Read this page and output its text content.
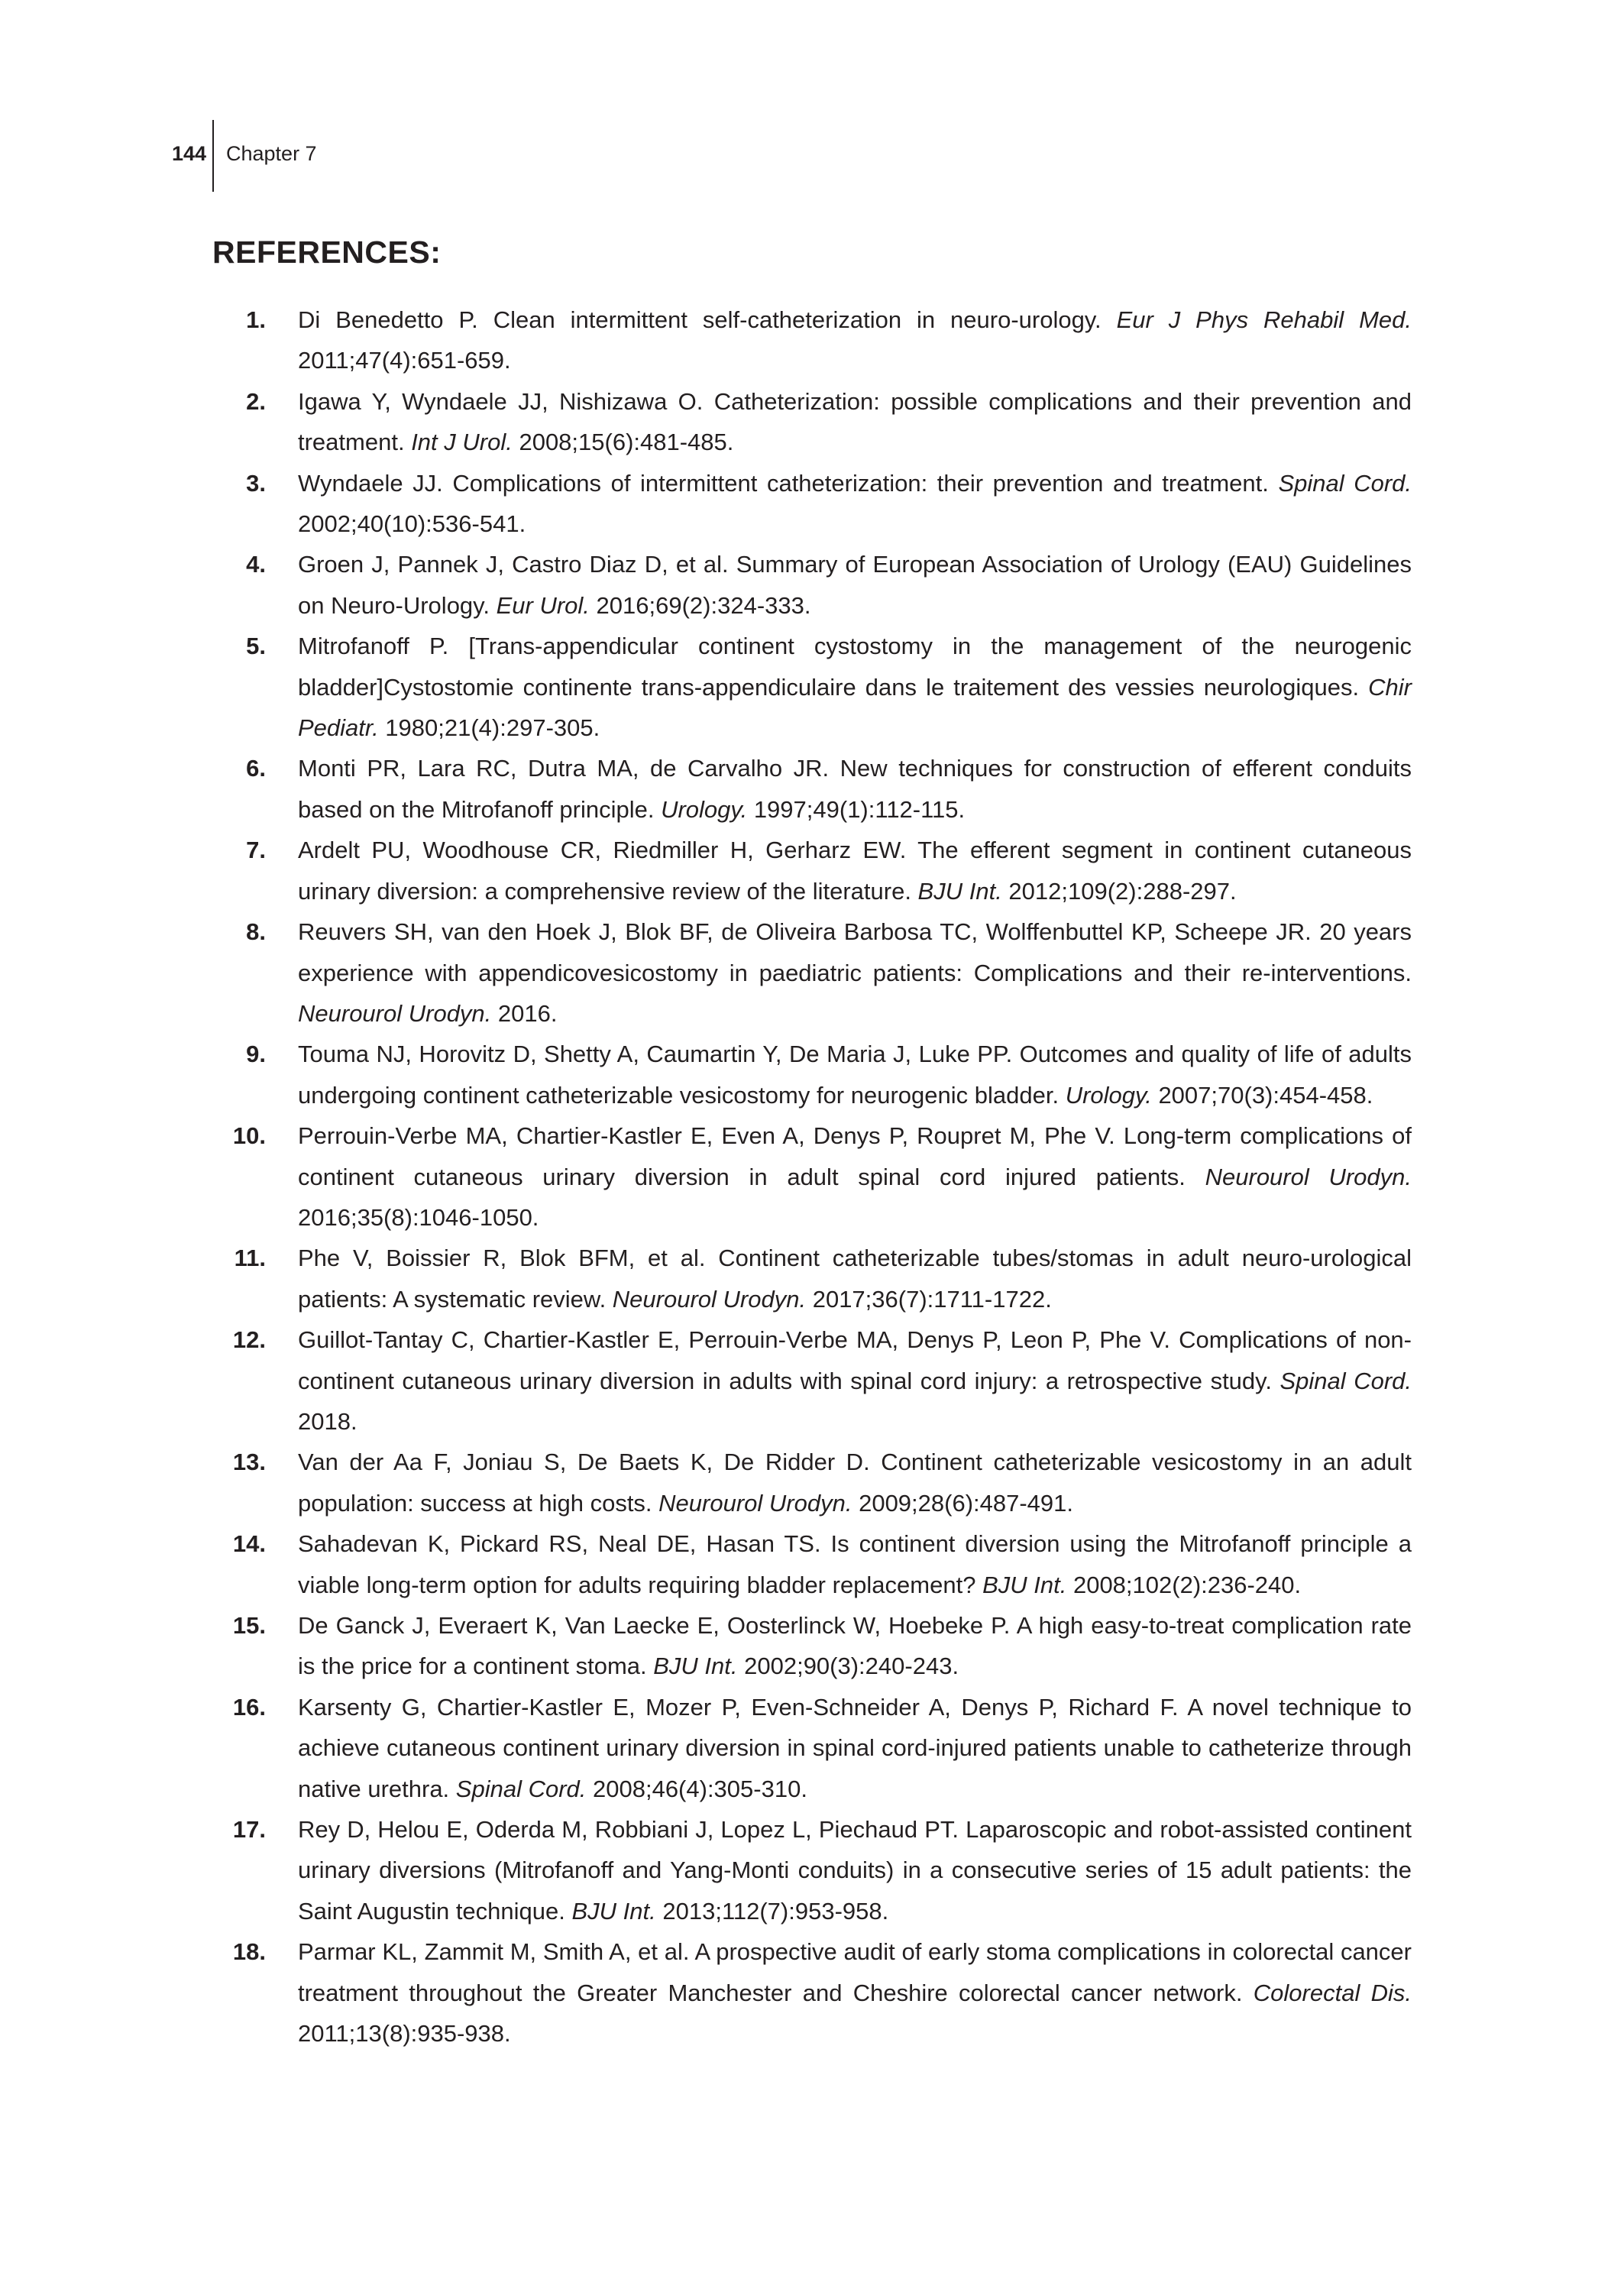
144 Chapter 7
REFERENCES:
1. Di Benedetto P. Clean intermittent self-catheterization in neuro-urology. Eur J Phys Rehabil Med. 2011;47(4):651-659.
2. Igawa Y, Wyndaele JJ, Nishizawa O. Catheterization: possible complications and their prevention and treatment. Int J Urol. 2008;15(6):481-485.
3. Wyndaele JJ. Complications of intermittent catheterization: their prevention and treatment. Spinal Cord. 2002;40(10):536-541.
4. Groen J, Pannek J, Castro Diaz D, et al. Summary of European Association of Urology (EAU) Guidelines on Neuro-Urology. Eur Urol. 2016;69(2):324-333.
5. Mitrofanoff P. [Trans-appendicular continent cystostomy in the management of the neurogenic bladder]Cystostomie continente trans-appendiculaire dans le traitement des vessies neurologiques. Chir Pediatr. 1980;21(4):297-305.
6. Monti PR, Lara RC, Dutra MA, de Carvalho JR. New techniques for construction of efferent conduits based on the Mitrofanoff principle. Urology. 1997;49(1):112-115.
7. Ardelt PU, Woodhouse CR, Riedmiller H, Gerharz EW. The efferent segment in continent cutaneous urinary diversion: a comprehensive review of the literature. BJU Int. 2012;109(2):288-297.
8. Reuvers SH, van den Hoek J, Blok BF, de Oliveira Barbosa TC, Wolffenbuttel KP, Scheepe JR. 20 years experience with appendicovesicostomy in paediatric patients: Complications and their re-interventions. Neurourol Urodyn. 2016.
9. Touma NJ, Horovitz D, Shetty A, Caumartin Y, De Maria J, Luke PP. Outcomes and quality of life of adults undergoing continent catheterizable vesicostomy for neurogenic bladder. Urology. 2007;70(3):454-458.
10. Perrouin-Verbe MA, Chartier-Kastler E, Even A, Denys P, Roupret M, Phe V. Long-term complications of continent cutaneous urinary diversion in adult spinal cord injured patients. Neurourol Urodyn. 2016;35(8):1046-1050.
11. Phe V, Boissier R, Blok BFM, et al. Continent catheterizable tubes/stomas in adult neuro-urological patients: A systematic review. Neurourol Urodyn. 2017;36(7):1711-1722.
12. Guillot-Tantay C, Chartier-Kastler E, Perrouin-Verbe MA, Denys P, Leon P, Phe V. Complications of non-continent cutaneous urinary diversion in adults with spinal cord injury: a retrospective study. Spinal Cord. 2018.
13. Van der Aa F, Joniau S, De Baets K, De Ridder D. Continent catheterizable vesicostomy in an adult population: success at high costs. Neurourol Urodyn. 2009;28(6):487-491.
14. Sahadevan K, Pickard RS, Neal DE, Hasan TS. Is continent diversion using the Mitrofanoff principle a viable long-term option for adults requiring bladder replacement? BJU Int. 2008;102(2):236-240.
15. De Ganck J, Everaert K, Van Laecke E, Oosterlinck W, Hoebeke P. A high easy-to-treat complication rate is the price for a continent stoma. BJU Int. 2002;90(3):240-243.
16. Karsenty G, Chartier-Kastler E, Mozer P, Even-Schneider A, Denys P, Richard F. A novel technique to achieve cutaneous continent urinary diversion in spinal cord-injured patients unable to catheterize through native urethra. Spinal Cord. 2008;46(4):305-310.
17. Rey D, Helou E, Oderda M, Robbiani J, Lopez L, Piechaud PT. Laparoscopic and robot-assisted continent urinary diversions (Mitrofanoff and Yang-Monti conduits) in a consecutive series of 15 adult patients: the Saint Augustin technique. BJU Int. 2013;112(7):953-958.
18. Parmar KL, Zammit M, Smith A, et al. A prospective audit of early stoma complications in colorectal cancer treatment throughout the Greater Manchester and Cheshire colorectal cancer network. Colorectal Dis. 2011;13(8):935-938.
